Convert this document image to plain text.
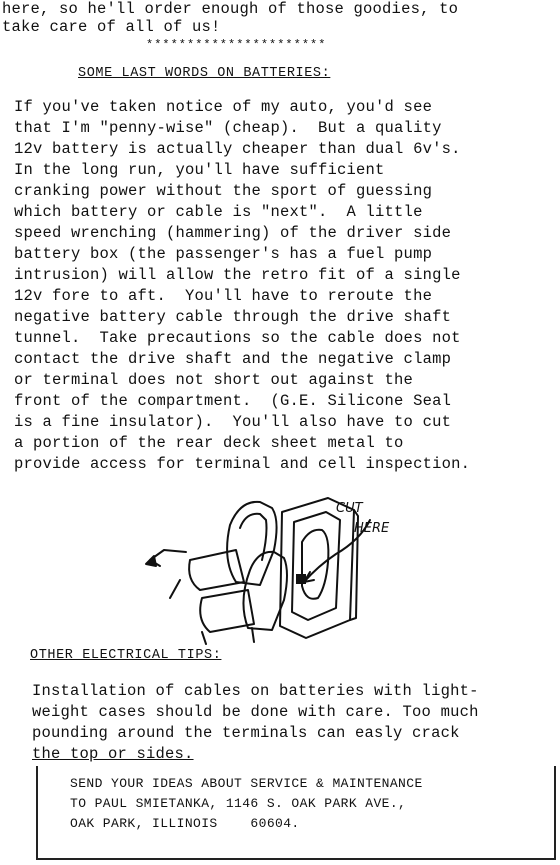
here, so he'll order enough of those goodies, to
take care of all of us!
**********************
SOME LAST WORDS ON BATTERIES:
If you've taken notice of my auto, you'd see
that I'm "penny-wise" (cheap).  But a quality
12v battery is actually cheaper than dual 6v's.
In the long run, you'll have sufficient
cranking power without the sport of guessing
which battery or cable is "next".  A little
speed wrenching (hammering) of the driver side
battery box (the passenger's has a fuel pump
intrusion) will allow the retro fit of a single
12v fore to aft.  You'll have to reroute the
negative battery cable through the drive shaft
tunnel.  Take precautions so the cable does not
contact the drive shaft and the negative clamp
or terminal does not short out against the
front of the compartment.  (G.E. Silicone Seal
is a fine insulator).  You'll also have to cut
a portion of the rear deck sheet metal to
provide access for terminal and cell inspection.
CUT
HERE
OTHER ELECTRICAL TIPS:
Installation of cables on batteries with light-
weight cases should be done with care. Too much
pounding around the terminals can easly crack
the top or sides.
SEND YOUR IDEAS ABOUT SERVICE & MAINTENANCE
TO PAUL SMIETANKA, 1146 S. OAK PARK AVE.,
OAK PARK, ILLINOIS    60604.
